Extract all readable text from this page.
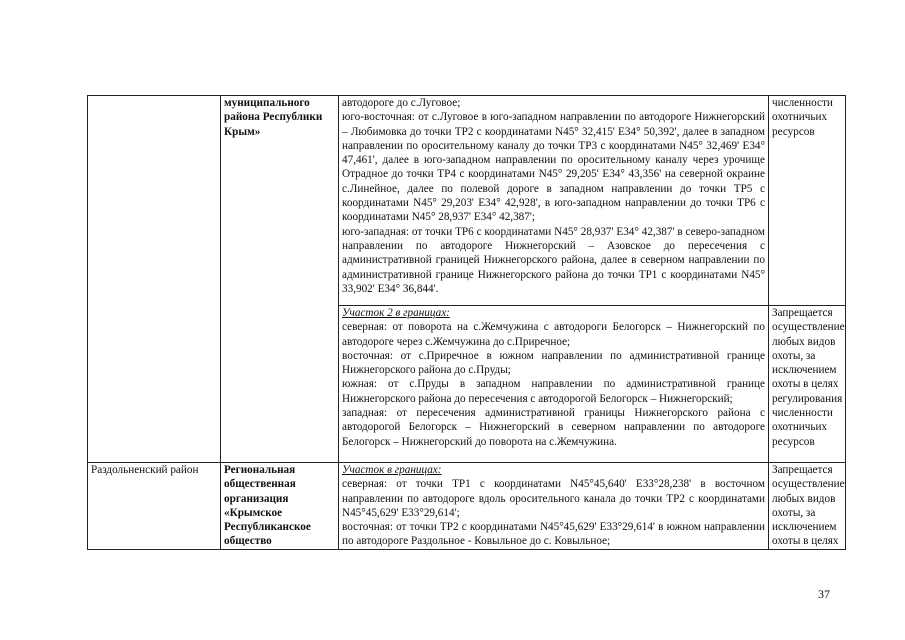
	муниципального района Республики Крым»	автодороге до с.Луговое;
юго-восточная: от с.Луговое в юго-западном направлении по автодороге Нижнегорский – Любимовка до точки ТР2 с координатами N45° 32,415' Е34° 50,392', далее в западном направлении по оросительному каналу до точки ТР3 с координатами N45° 32,469' Е34° 47,461', далее в юго-западном направлении по оросительному каналу через урочище Отрадное до точки ТР4 с координатами N45° 29,205' Е34° 43,356' на северной окраине с.Линейное, далее по полевой дороге в западном направлении до точки ТР5 с координатами N45° 29,203' Е34° 42,928', в юго-западном направлении до точки ТР6 с координатами N45° 28,937' Е34° 42,387';
юго-западная: от точки ТР6 с координатами N45° 28,937' Е34° 42,387' в северо-западном направлении по автодороге Нижнегорский – Азовское до пересечения с административной границей Нижнегорского района, далее в северном направлении по административной границе Нижнегорского района до точки ТР1 с координатами N45° 33,902' Е34° 36,844'.	численности охотничьих ресурсов

		Участок 2 в границах:
северная: от поворота на с.Жемчужина с автодороги Белогорск – Нижнегорский по автодороге через с.Жемчужина до с.Приречное;
восточная: от с.Приречное в южном направлении по административной границе Нижнегорского района до с.Пруды;
южная: от с.Пруды в западном направлении по административной границе Нижнегорского района до пересечения с автодорогой Белогорск – Нижнегорский;
западная: от пересечения административной границы Нижнегорского района с автодорогой Белогорск – Нижнегорский в северном направлении по автодороге Белогорск – Нижнегорский до поворота на с.Жемчужина.	Запрещается осуществление любых видов охоты, за исключением охоты в целях регулирования численности охотничьих ресурсов
Раздольненский район	Региональная общественная организация «Крымское Республиканское общество	Участок в границах:
северная: от точки ТР1 с координатами N45°45,640' Е33°28,238' в восточном направлении по автодороге вдоль оросительного канала до точки ТР2 с координатами N45°45,629' Е33°29,614';
восточная: от точки ТР2 с координатами N45°45,629' Е33°29,614' в южном направлении по автодороге Раздольное - Ковыльное до с. Ковыльное;	Запрещается осуществление любых видов охоты, за исключением охоты в целях
37
